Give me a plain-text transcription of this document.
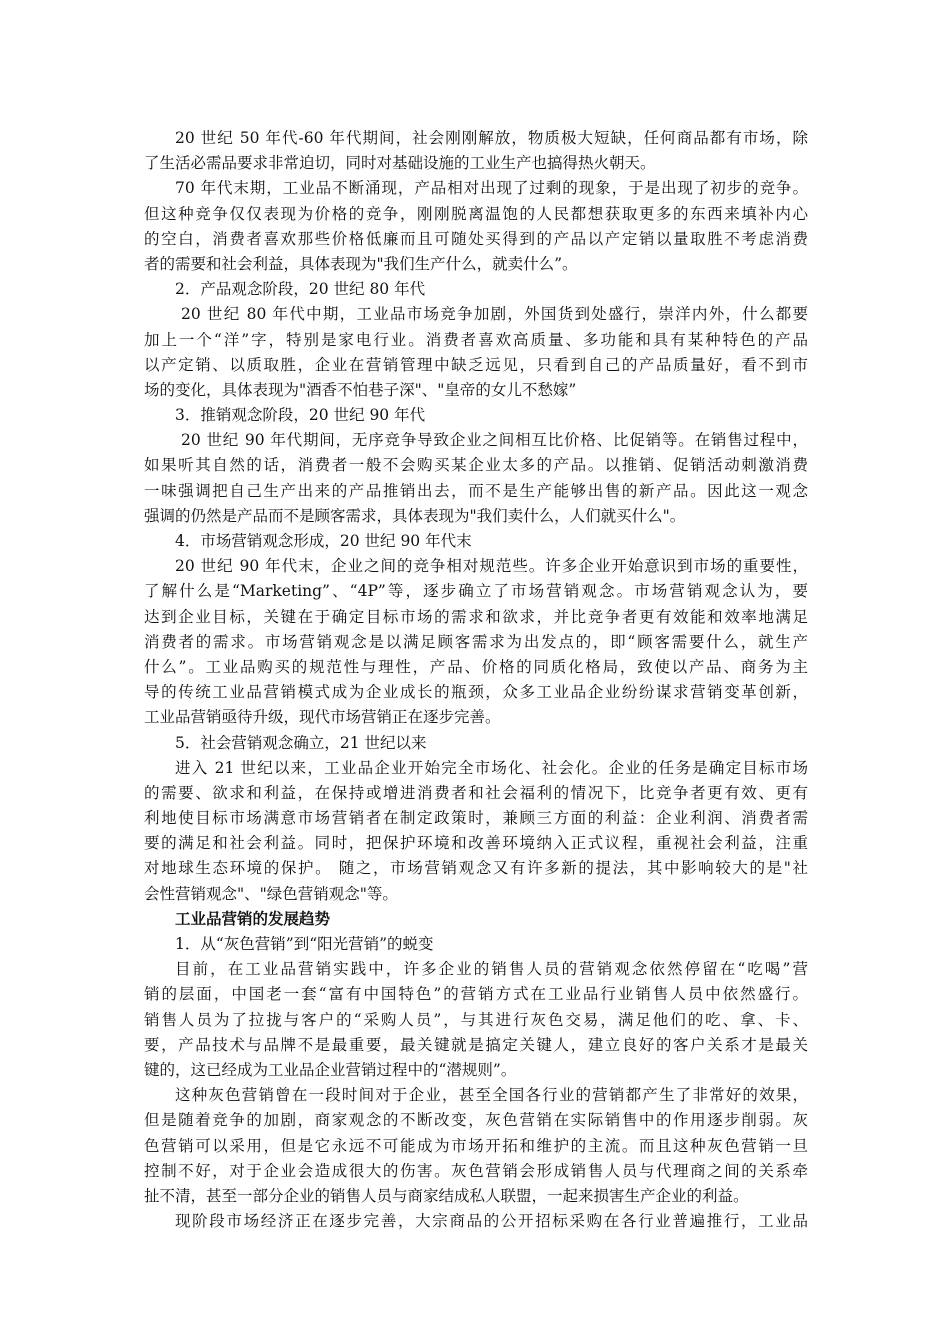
20 世纪 50 年代-60 年代期间，社会刚刚解放，物质极大短缺，任何商品都有市场，除
了生活必需品要求非常迫切，同时对基础设施的工业生产也搞得热火朝天。
70 年代末期，工业品不断涌现，产品相对出现了过剩的现象，于是出现了初步的竞争。
但这种竞争仅仅表现为价格的竞争，刚刚脱离温饱的人民都想获取更多的东西来填补内心
的空白，消费者喜欢那些价格低廉而且可随处买得到的产品以产定销以量取胜不考虑消费
者的需要和社会利益，具体表现为"我们生产什么，就卖什么”。
2．产品观念阶段，20 世纪 80 年代
20 世纪 80 年代中期，工业品市场竞争加剧，外国货到处盛行，崇洋内外，什么都要
加上一个“洋”字，特别是家电行业。消费者喜欢高质量、多功能和具有某种特色的产品
以产定销、以质取胜，企业在营销管理中缺乏远见，只看到自己的产品质量好，看不到市
场的变化，具体表现为"酒香不怕巷子深"、"皇帝的女儿不愁嫁”
3．推销观念阶段，20 世纪 90 年代
20 世纪 90 年代期间，无序竞争导致企业之间相互比价格、比促销等。在销售过程中，
如果听其自然的话，消费者一般不会购买某企业太多的产品。以推销、促销活动刺激消费
一味强调把自己生产出来的产品推销出去，而不是生产能够出售的新产品。因此这一观念
强调的仍然是产品而不是顾客需求，具体表现为"我们卖什么，人们就买什么"。
4．市场营销观念形成，20 世纪 90 年代末
20 世纪 90 年代末，企业之间的竞争相对规范些。许多企业开始意识到市场的重要性，
了解什么是“Marketing”、“4P”等，逐步确立了市场营销观念。市场营销观念认为，要
达到企业目标，关键在于确定目标市场的需求和欲求，并比竞争者更有效能和效率地满足
消费者的需求。市场营销观念是以满足顾客需求为出发点的，即“顾客需要什么，就生产
什么”。工业品购买的规范性与理性，产品、价格的同质化格局，致使以产品、商务为主
导的传统工业品营销模式成为企业成长的瓶颈，众多工业品企业纷纷谋求营销变革创新，
工业品营销亟待升级，现代市场营销正在逐步完善。
5．社会营销观念确立，21 世纪以来
进入 21 世纪以来，工业品企业开始完全市场化、社会化。企业的任务是确定目标市场
的需要、欲求和利益，在保持或增进消费者和社会福利的情况下，比竞争者更有效、更有
利地使目标市场满意市场营销者在制定政策时，兼顾三方面的利益：企业利润、消费者需
要的满足和社会利益。同时，把保护环境和改善环境纳入正式议程，重视社会利益，注重
对地球生态环境的保护。 随之，市场营销观念又有许多新的提法，其中影响较大的是"社
会性营销观念"、"绿色营销观念"等。
工业品营销的发展趋势
1．从“灰色营销”到“阳光营销”的蜕变
目前，在工业品营销实践中，许多企业的销售人员的营销观念依然停留在“吃喝”营
销的层面，中国老一套“富有中国特色”的营销方式在工业品行业销售人员中依然盛行。
销售人员为了拉拢与客户的“采购人员”，与其进行灰色交易，满足他们的吃、拿、卡、
要，产品技术与品牌不是最重要，最关键就是搞定关键人，建立良好的客户关系才是最关
键的，这已经成为工业品企业营销过程中的“潜规则”。
这种灰色营销曾在一段时间对于企业，甚至全国各行业的营销都产生了非常好的效果，
但是随着竞争的加剧，商家观念的不断改变，灰色营销在实际销售中的作用逐步削弱。灰
色营销可以采用，但是它永远不可能成为市场开拓和维护的主流。而且这种灰色营销一旦
控制不好，对于企业会造成很大的伤害。灰色营销会形成销售人员与代理商之间的关系牵
扯不清，甚至一部分企业的销售人员与商家结成私人联盟，一起来损害生产企业的利益。
现阶段市场经济正在逐步完善，大宗商品的公开招标采购在各行业普遍推行，工业品
